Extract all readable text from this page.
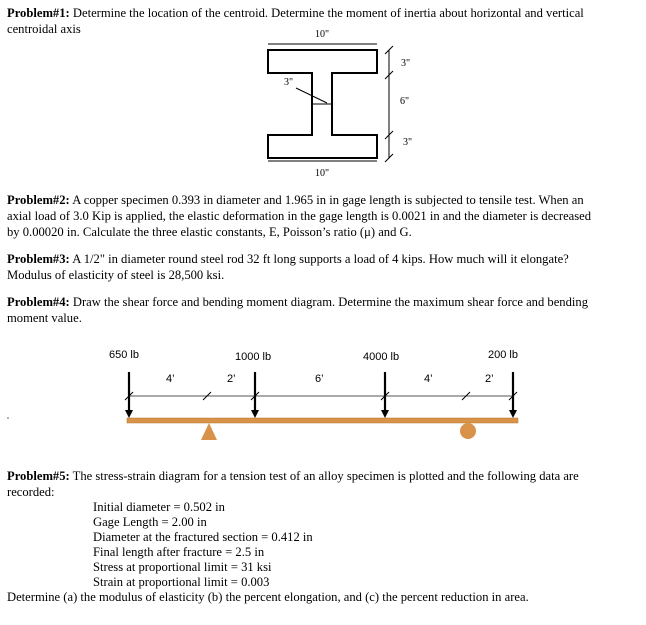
Problem#1: Determine the location of the centroid. Determine the moment of inertia about horizontal and vertical
centroidal axis	10"
10"
3"
3"
6"
3"
Problem#2: A copper specimen 0.393 in diameter and 1.965 in in gage length is subjected to tensile test. When an
axial load of 3.0 Kip is applied, the elastic deformation in the gage length is 0.0021 in and the diameter is decreased
by 0.00020 in. Calculate the three elastic constants, E, Poisson’s ratio (μ) and G.
Problem#3: A 1/2" in diameter round steel rod 32 ft long supports a load of 4 kips. How much will it elongate?
Modulus of elasticity of steel is 28,500 ksi.
Problem#4: Draw the shear force and bending moment diagram. Determine the maximum shear force and bending
moment value.
650 lb	1000 lb	4000 lb	200 lb
4’	2’	6’	4’	2’
Problem#5: The stress-strain diagram for a tension test of an alloy specimen is plotted and the following data are
recorded:
Initial diameter = 0.502 in
Gage Length = 2.00 in
Diameter at the fractured section = 0.412 in
Final length after fracture = 2.5 in
Stress at proportional limit = 31 ksi
Strain at proportional limit = 0.003
Determine (a) the modulus of elasticity (b) the percent elongation, and (c) the percent reduction in area.
